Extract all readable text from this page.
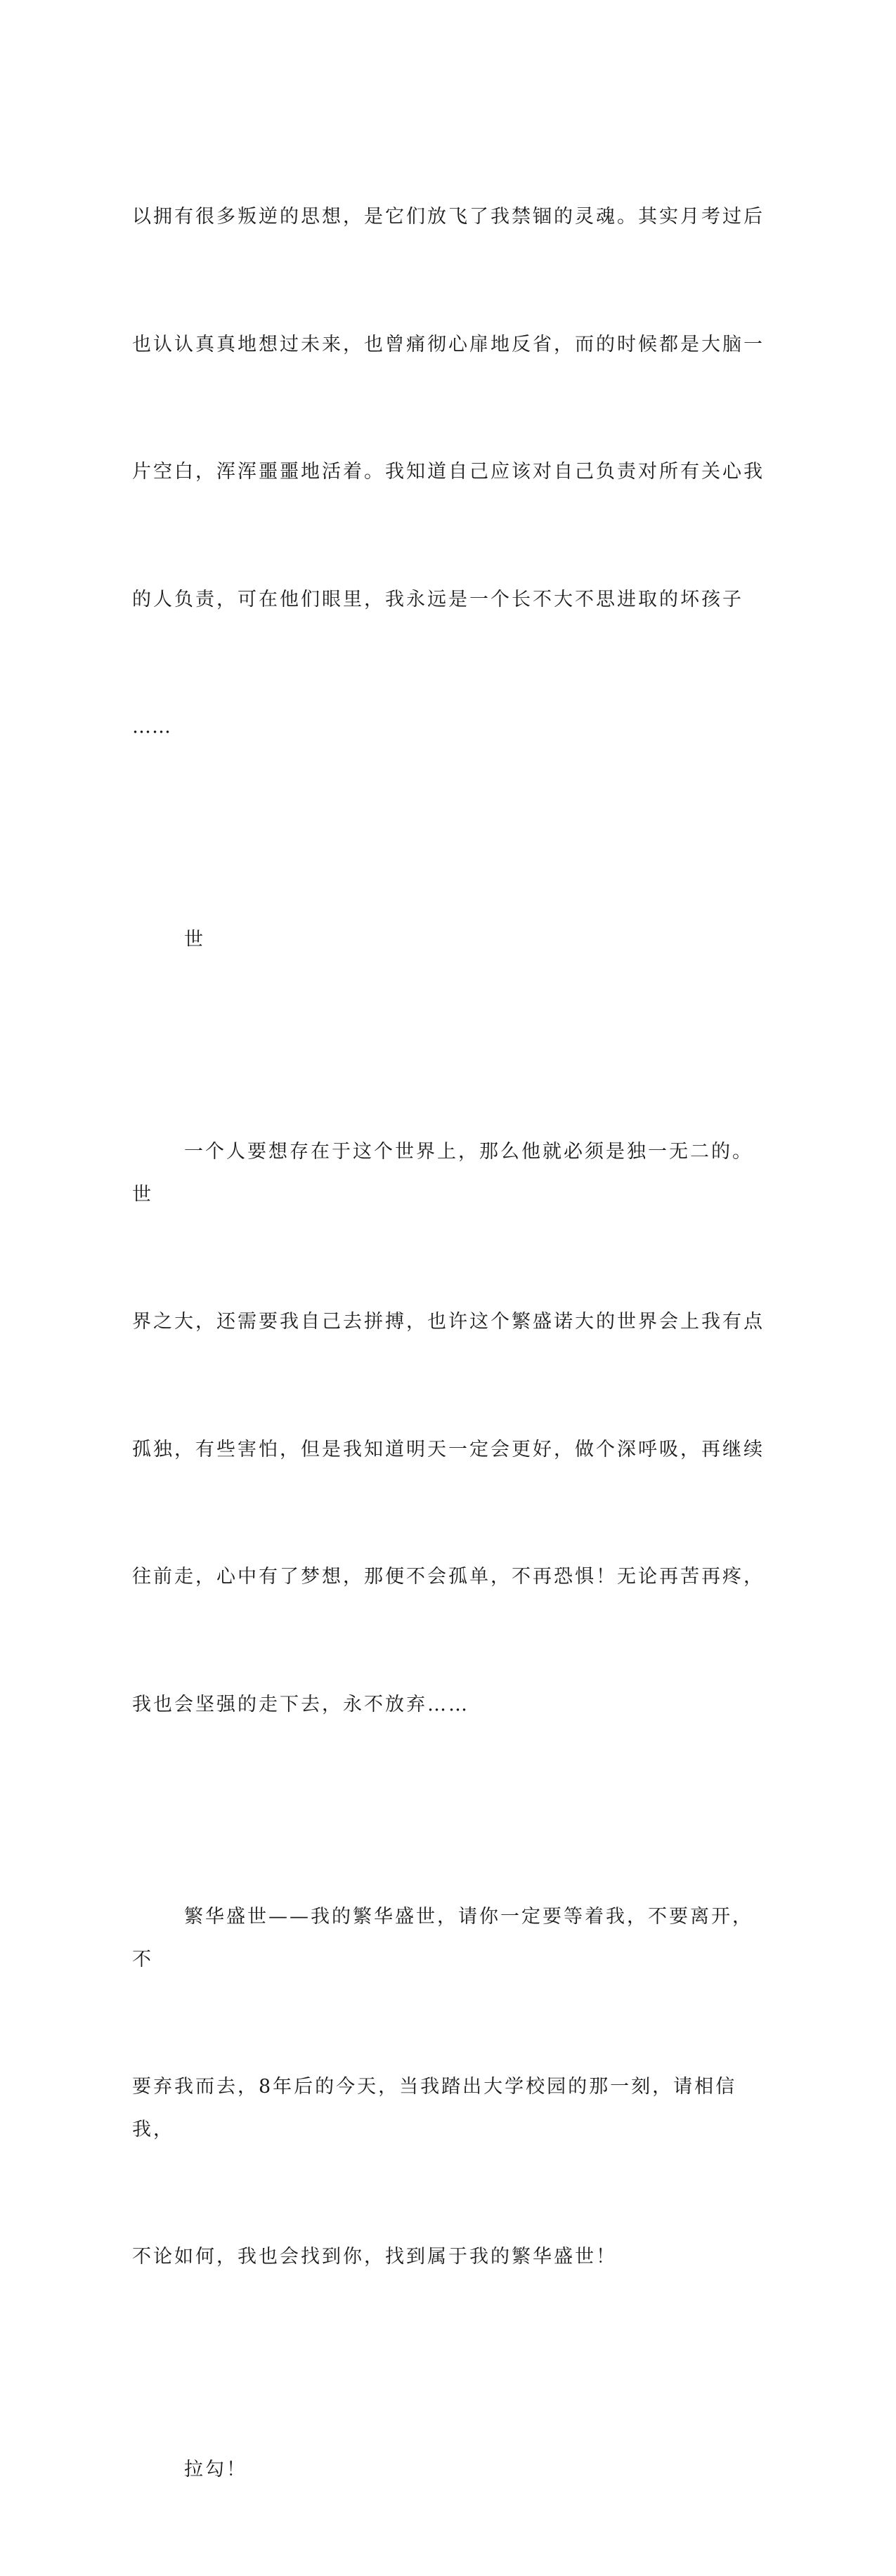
以拥有很多叛逆的思想，是它们放飞了我禁锢的灵魂。其实月考过后

也认认真真地想过未来，也曾痛彻心扉地反省，而的时候都是大脑一

片空白，浑浑噩噩地活着。我知道自己应该对自己负责对所有关心我

的人负责，可在他们眼里，我永远是一个长不大不思进取的坏孩子

……

世

一个人要想存在于这个世界上，那么他就必须是独一无二的。世

界之大，还需要我自己去拼搏，也许这个繁盛诺大的世界会上我有点

孤独，有些害怕，但是我知道明天一定会更好，做个深呼吸，再继续

往前走，心中有了梦想，那便不会孤单，不再恐惧！无论再苦再疼，

我也会坚强的走下去，永不放弃……

繁华盛世——我的繁华盛世，请你一定要等着我，不要离开，不

要弃我而去，8年后的今天，当我踏出大学校园的那一刻，请相信我，

不论如何，我也会找到你，找到属于我的繁华盛世！

拉勾！
